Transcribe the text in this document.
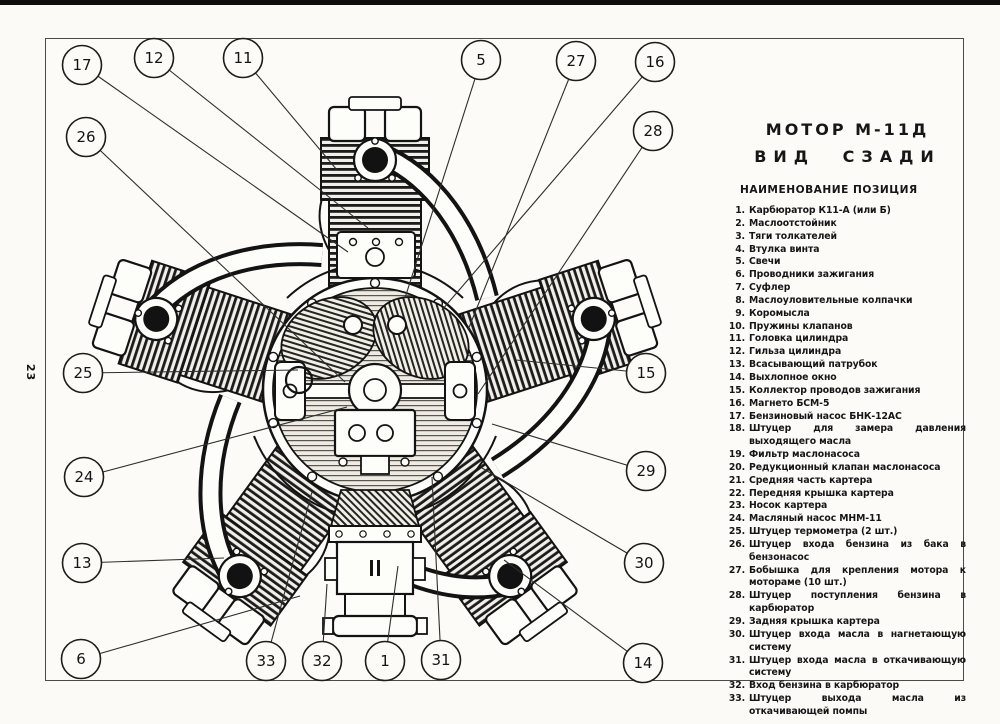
23
17	12	11	5	27	16
28
26
25	15
24	29
13	30
6	33 32	1	31	14
МОТОР М-11Д
ВИД СЗАДИ
НАИМЕНОВАНИЕ ПОЗИЦИЯ
1. Карбюратор К11-А (или Б)
2. Маслоотстойник
3. Тяги толкателей
4. Втулка винта
5. Свечи
6. Проводники зажигания
7. Суфлер
8. Маслоуловительные колпачки
9. Коромысла
10. Пружины клапанов
11. Головка цилиндра
12. Гильза цилиндра
13. Всасывающий патрубок
14. Выхлопное окно
15. Коллектор проводов зажигания
16. Магнето БСМ-5
17. Бензиновый насос БНК-12АС
18. Штуцер для замера давления выходящего масла
19. Фильтр маслонасоса
20. Редукционный клапан маслонасоса
21. Средняя часть картера
22. Передняя крышка картера
23. Носок картера
24. Масляный насос МНМ-11
25. Штуцер термометра (2 шт.)
26. Штуцер входа бензина из бака в бензонасос
27. Бобышка для крепления мотора к мотораме (10 шт.)
28. Штуцер поступления бензина в карбюратор
29. Задняя крышка картера
30. Штуцер входа масла в нагнетающую систему
31. Штуцер входа масла в откачивающую систему
32. Вход бензина в карбюратор
33. Штуцер выхода масла из откачивающей помпы
